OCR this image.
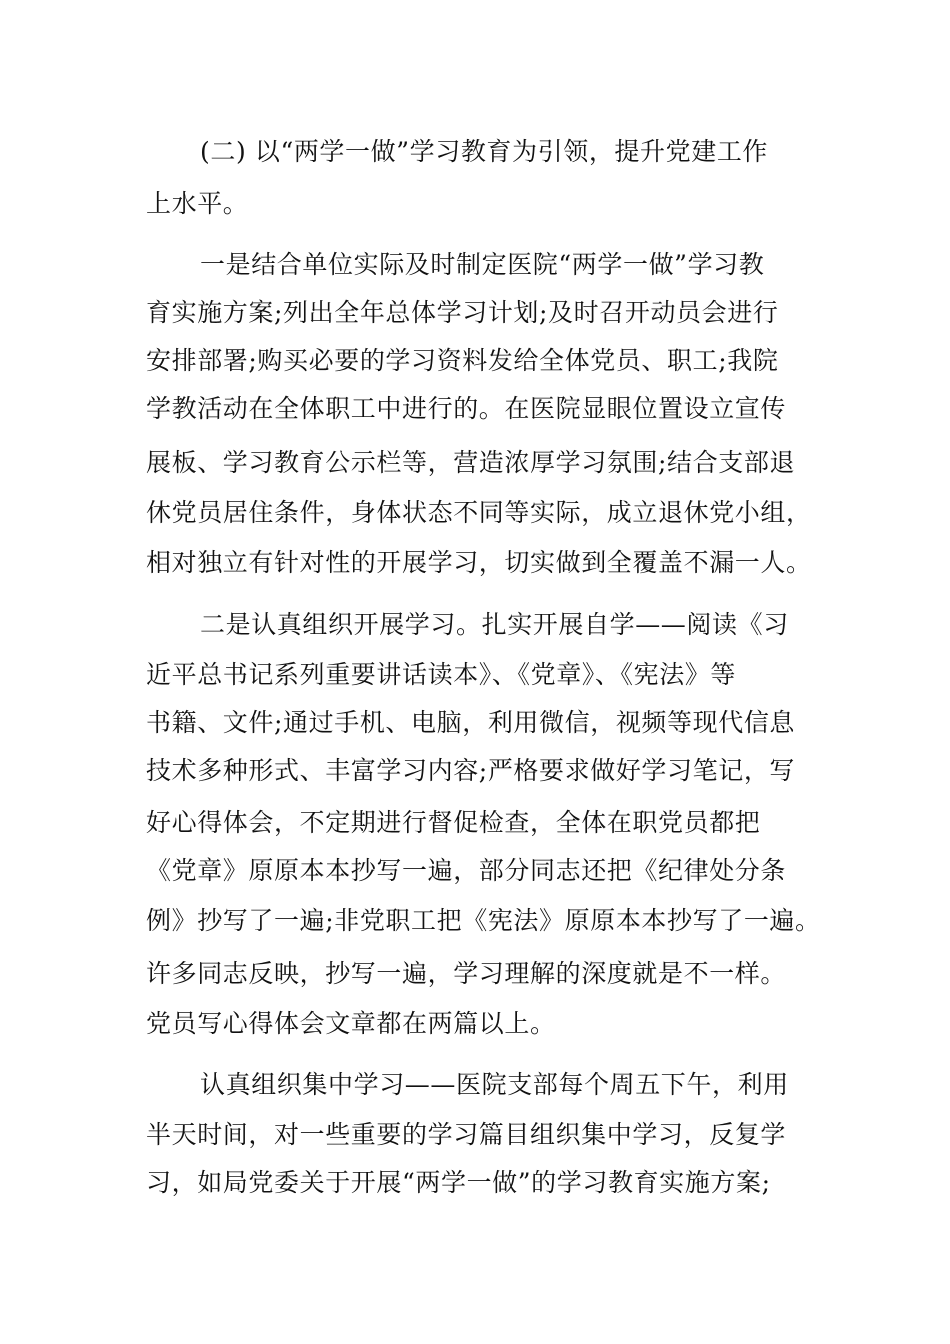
(二) 以“两学一做”学习教育为引领，提升党建工作
上水平。
一是结合单位实际及时制定医院“两学一做”学习教
育实施方案;列出全年总体学习计划;及时召开动员会进行
安排部署;购买必要的学习资料发给全体党员、职工;我院
学教活动在全体职工中进行的。在医院显眼位置设立宣传
展板、学习教育公示栏等，营造浓厚学习氛围;结合支部退
休党员居住条件，身体状态不同等实际，成立退休党小组，
相对独立有针对性的开展学习，切实做到全覆盖不漏一人。
二是认真组织开展学习。扎实开展自学——阅读《习
近平总书记系列重要讲话读本》、《党章》、《宪法》等
书籍、文件;通过手机、电脑，利用微信，视频等现代信息
技术多种形式、丰富学习内容;严格要求做好学习笔记，写
好心得体会，不定期进行督促检查，全体在职党员都把
《党章》原原本本抄写一遍，部分同志还把《纪律处分条
例》抄写了一遍;非党职工把《宪法》原原本本抄写了一遍。
许多同志反映，抄写一遍，学习理解的深度就是不一样。
党员写心得体会文章都在两篇以上。
认真组织集中学习——医院支部每个周五下午，利用
半天时间，对一些重要的学习篇目组织集中学习，反复学
习，如局党委关于开展“两学一做”的学习教育实施方案;
